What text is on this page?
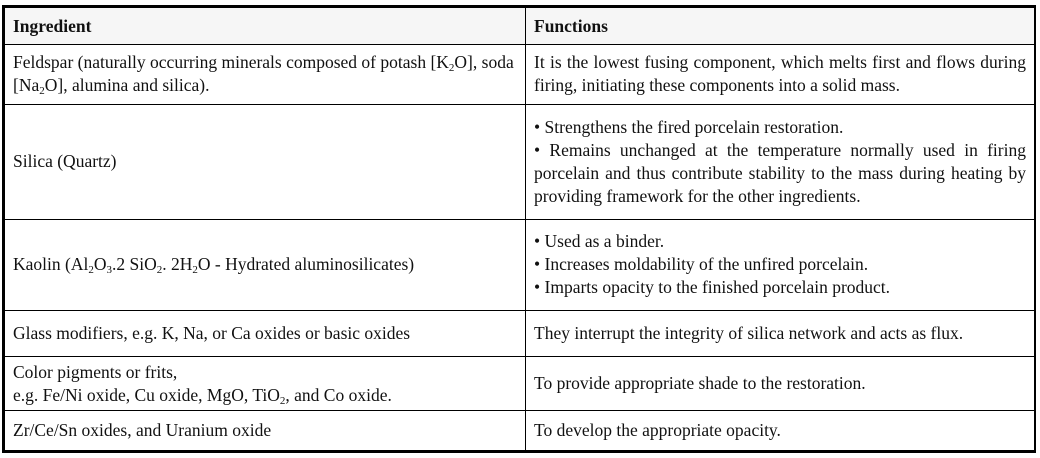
Ingredient	Functions
Feldspar (naturally occurring minerals composed of potash $[K_2O]$, soda $[Na_2O]$, alumina and silica).	It is the lowest fusing component, which melts first and flows during firing, initiating these components into a solid mass.
Silica (Quartz)	• Strengthens the fired porcelain restoration.
• Remains unchanged at the temperature normally used in firing porcelain and thus contribute stability to the mass during heating by providing framework for the other ingredients.

Kaolin ($Al_2O_3.2$ SiO$_2$. $2H_2O$ - Hydrated aluminosilicates)	• Used as a binder.
• Increases moldability of the unfired porcelain.
• Imparts opacity to the finished porcelain product.

Glass modifiers, e.g. K, Na, or Ca oxides or basic oxides	They interrupt the integrity of silica network and acts as flux.

Color pigments or frits,
e.g. Fe/Ni oxide, Cu oxide, MgO, TiO$_2$, and Co oxide.	To provide appropriate shade to the restoration.
Zr/Ce/Sn oxides, and Uranium oxide	To develop the appropriate opacity.
